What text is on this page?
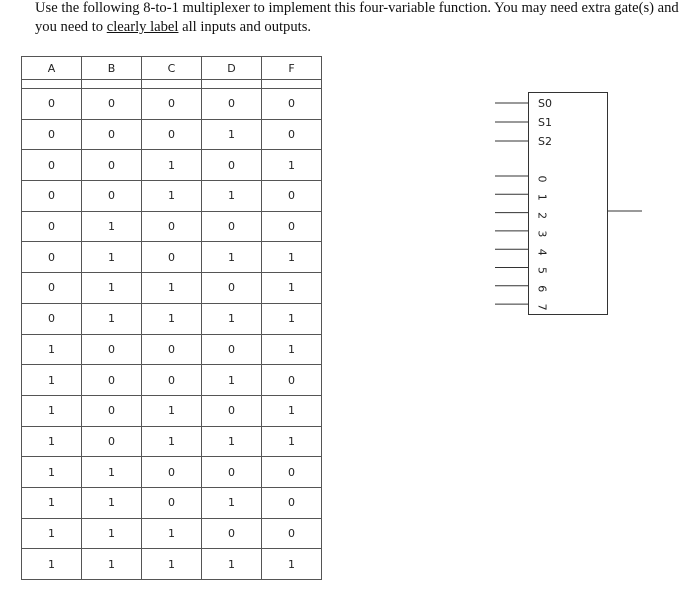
Use the following 8-to-1 multiplexer to implement this four-variable function. You may need extra gate(s) and you need to clearly label all inputs and outputs.

A	B	C	D	F

0	0	0	0	0
0	0	0	1	0
0	0	1	0	1
0	0	1	1	0
0	1	0	0	0
0	1	0	1	1
0	1	1	0	1
0	1	1	1	1
1	0	0	0	1
1	0	0	1	0
1	0	1	0	1
1	0	1	1	1
1	1	0	0	0
1	1	0	1	0
1	1	1	0	0
1	1	1	1	1
S0
S1
S2
0
1
2
3
4
5
6
7
